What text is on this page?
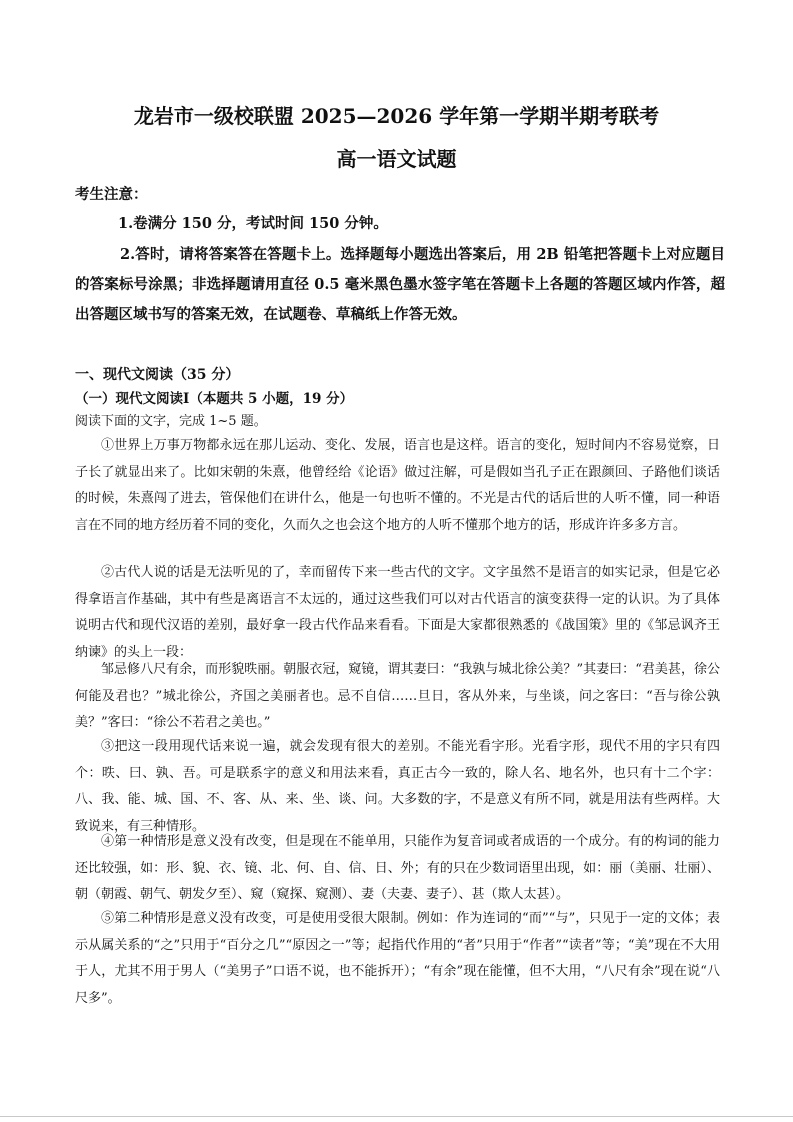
龙岩市一级校联盟 2025—2026 学年第一学期半期考联考
高一语文试题
考生注意：
1.卷满分 150 分，考试时间 150 分钟。
2.答时，请将答案答在答题卡上。选择题每小题选出答案后，用 2B 铅笔把答题卡上对应题目的答案标号涂黑；非选择题请用直径 0.5 毫米黑色墨水签字笔在答题卡上各题的答题区域内作答，超出答题区域书写的答案无效，在试题卷、草稿纸上作答无效。
一、现代文阅读（35 分）
（一）现代文阅读Ⅰ（本题共 5 小题，19 分）
阅读下面的文字，完成 1~5 题。

①世界上万事万物都永远在那儿运动、变化、发展，语言也是这样。语言的变化，短时间内不容易觉察，日子长了就显出来了。比如宋朝的朱熹，他曾经给《论语》做过注解，可是假如当孔子正在跟颜回、子路他们谈话的时候，朱熹闯了进去，管保他们在讲什么，他是一句也听不懂的。不光是古代的话后世的人听不懂，同一种语言在不同的地方经历着不同的变化，久而久之也会这个地方的人听不懂那个地方的话，形成许许多多方言。

②古代人说的话是无法听见的了，幸而留传下来一些古代的文字。文字虽然不是语言的如实记录，但是它必得拿语言作基础，其中有些是离语言不太远的，通过这些我们可以对古代语言的演变获得一定的认识。为了具体说明古代和现代汉语的差别，最好拿一段古代作品来看看。下面是大家都很熟悉的《战国策》里的《邹忌讽齐王纳谏》的头上一段：

邹忌修八尺有余，而形貌昳丽。朝服衣冠，窥镜，谓其妻曰：“我孰与城北徐公美？”其妻曰：“君美甚，徐公何能及君也？”城北徐公，齐国之美丽者也。忌不自信……旦日，客从外来，与坐谈，问之客曰：“吾与徐公孰美？”客曰：“徐公不若君之美也。”

③把这一段用现代话来说一遍，就会发现有很大的差别。不能光看字形。光看字形，现代不用的字只有四个：昳、曰、孰、吾。可是联系字的意义和用法来看，真正古今一致的，除人名、地名外，也只有十二个字：八、我、能、城、国、不、客、从、来、坐、谈、问。大多数的字，不是意义有所不同，就是用法有些两样。大致说来，有三种情形。

④第一种情形是意义没有改变，但是现在不能单用，只能作为复音词或者成语的一个成分。有的构词的能力还比较强，如：形、貌、衣、镜、北、何、自、信、日、外；有的只在少数词语里出现，如：丽（美丽、壮丽）、朝（朝霞、朝气、朝发夕至）、窥（窥探、窥测）、妻（夫妻、妻子）、甚（欺人太甚）。

⑤第二种情形是意义没有改变，可是使用受很大限制。例如：作为连词的“而”“与”，只见于一定的文体；表示从属关系的“之”只用于“百分之几”“原因之一”等；起指代作用的“者”只用于“作者”“读者”等；“美”现在不大用于人，尤其不用于男人（“美男子”口语不说，也不能拆开）；“有余”现在能懂，但不大用，“八尺有余”现在说“八尺多”。
